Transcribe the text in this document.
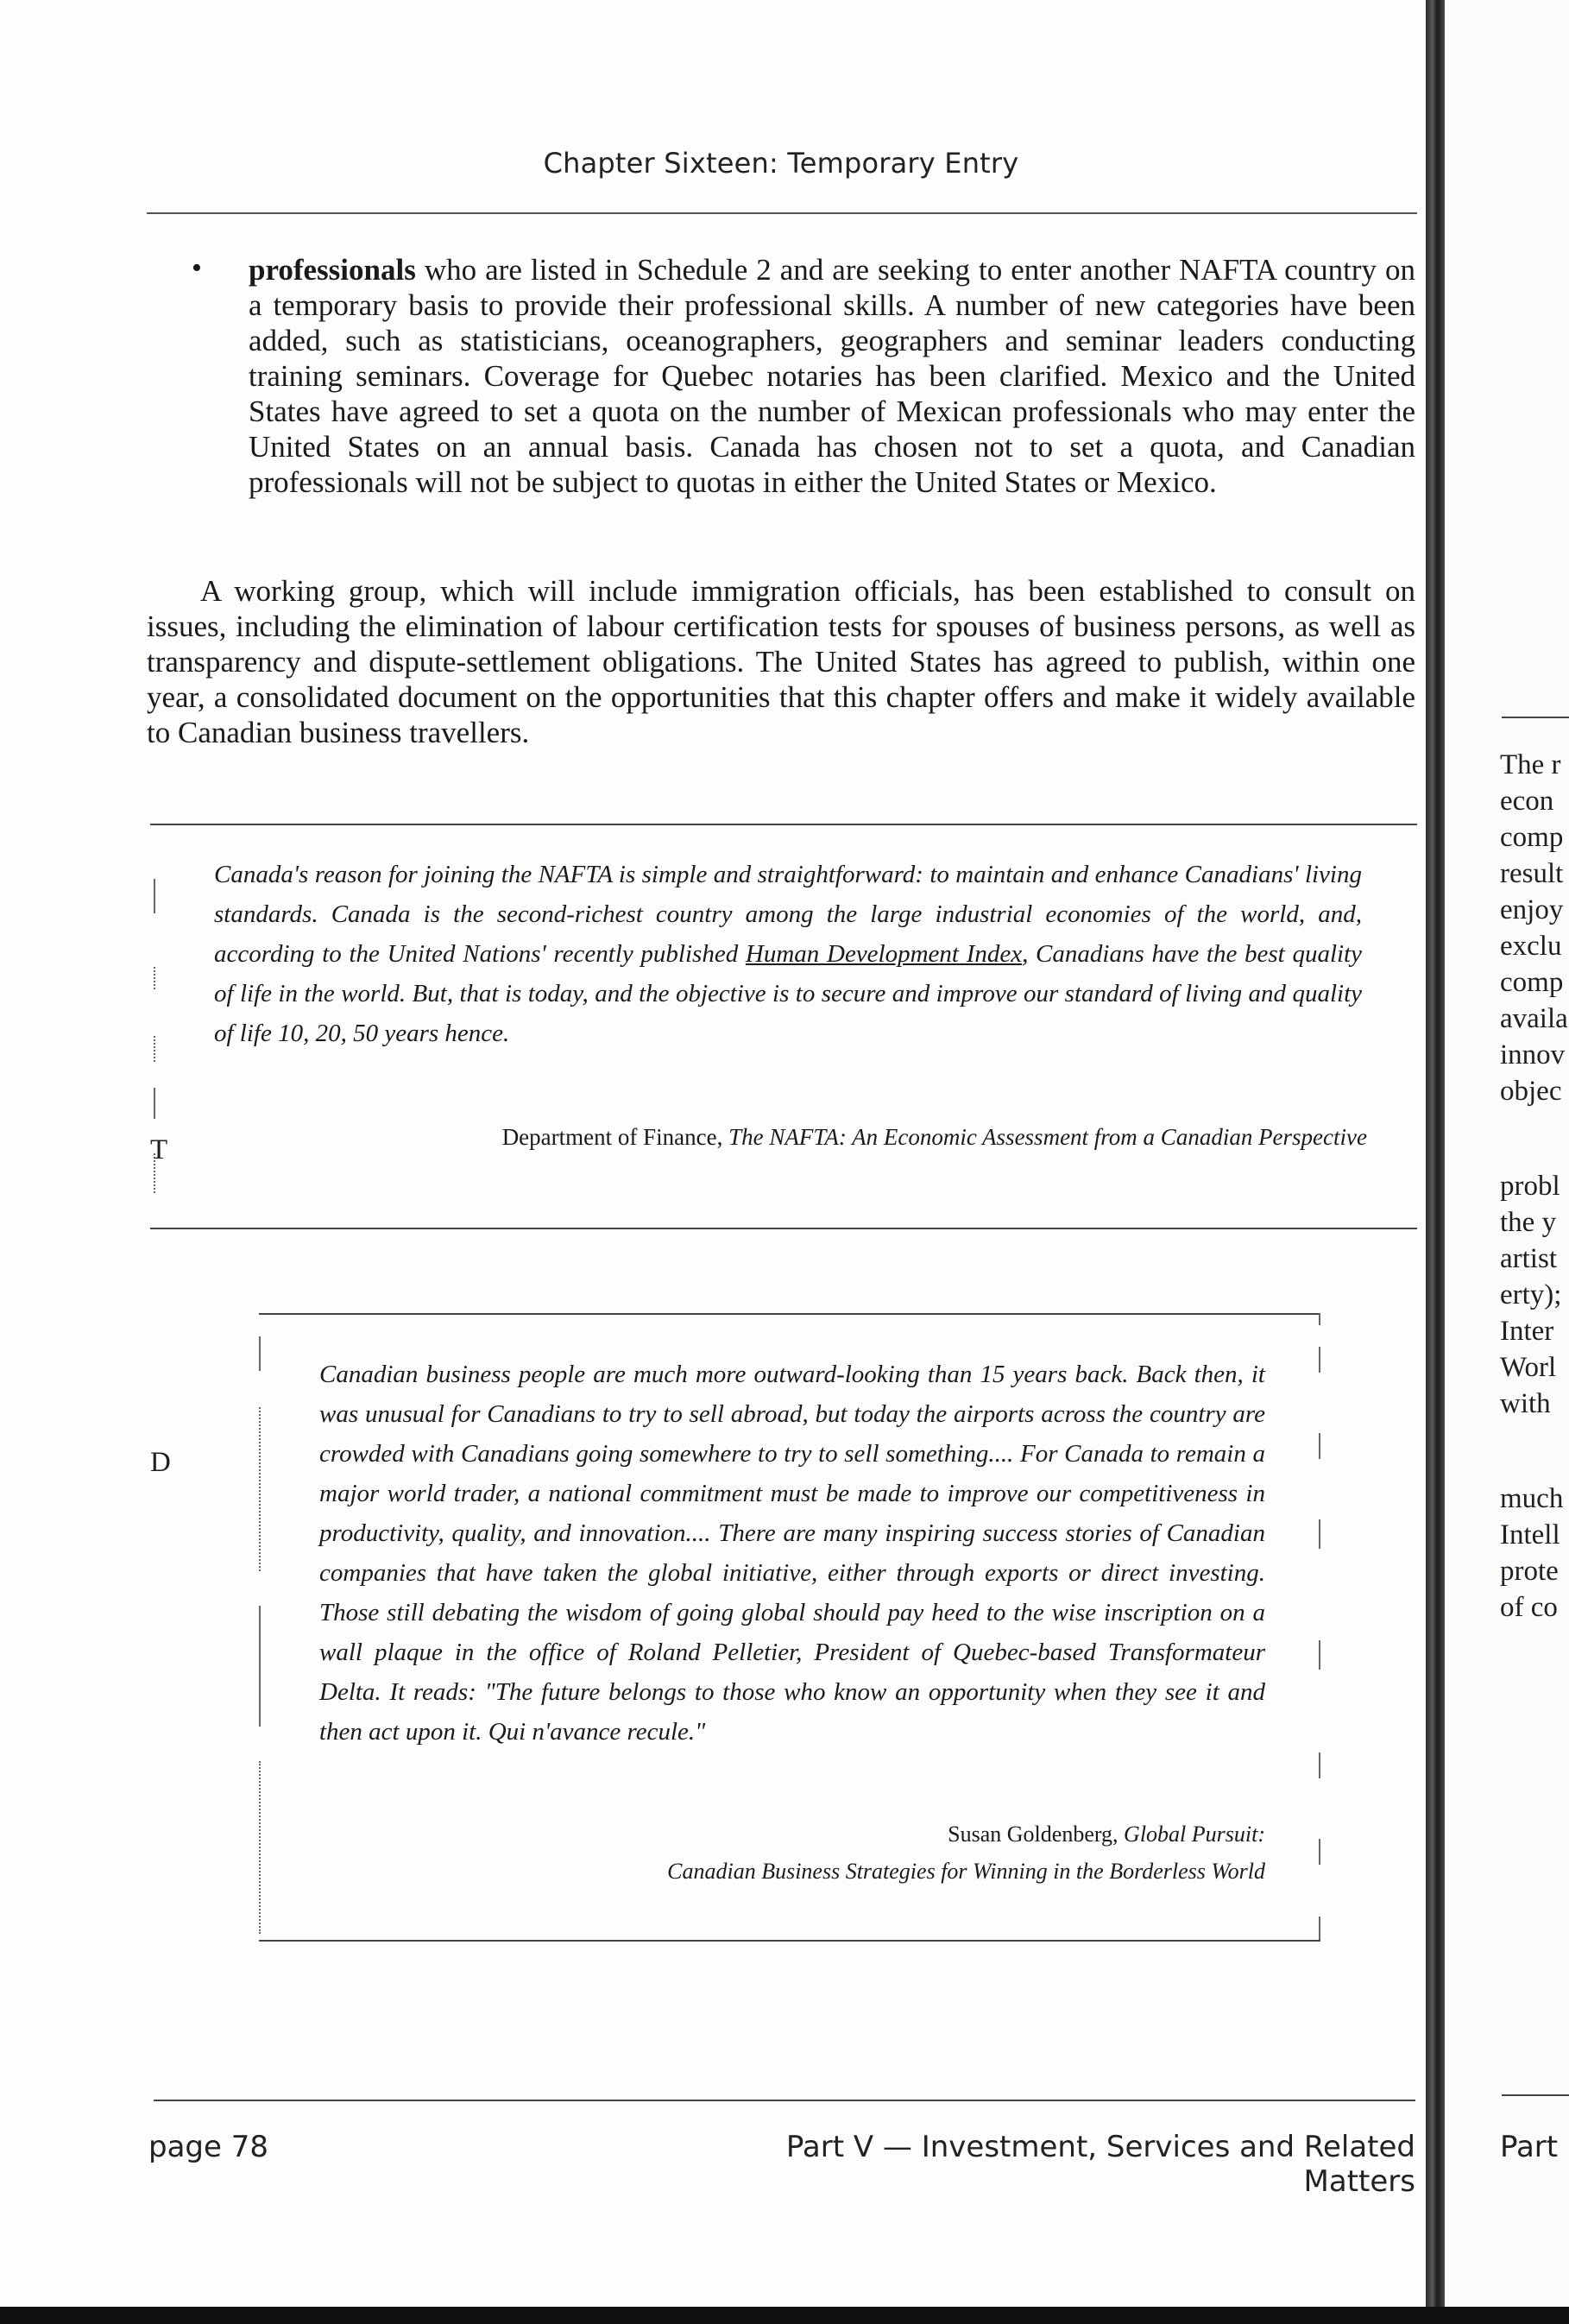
Chapter Sixteen: Temporary Entry
• professionals who are listed in Schedule 2 and are seeking to enter another NAFTA country on a temporary basis to provide their professional skills. A number of new categories have been added, such as statisticians, oceanographers, geographers and seminar leaders conducting training seminars. Coverage for Quebec notaries has been clarified. Mexico and the United States have agreed to set a quota on the number of Mexican professionals who may enter the United States on an annual basis. Canada has chosen not to set a quota, and Canadian professionals will not be subject to quotas in either the United States or Mexico.
A working group, which will include immigration officials, has been established to consult on issues, including the elimination of labour certification tests for spouses of business persons, as well as transparency and dispute-settlement obligations. The United States has agreed to publish, within one year, a consolidated document on the opportunities that this chapter offers and make it widely available to Canadian business travellers.
Canada's reason for joining the NAFTA is simple and straightforward: to maintain and enhance Canadians' living standards. Canada is the second-richest country among the large industrial economies of the world, and, according to the United Nations' recently published Human Development Index, Canadians have the best quality of life in the world. But, that is today, and the objective is to secure and improve our standard of living and quality of life 10, 20, 50 years hence.
Department of Finance, The NAFTA: An Economic Assessment from a Canadian Perspective
Canadian business people are much more outward-looking than 15 years back. Back then, it was unusual for Canadians to try to sell abroad, but today the airports across the country are crowded with Canadians going somewhere to try to sell something.... For Canada to remain a major world trader, a national commitment must be made to improve our competitiveness in productivity, quality, and innovation.... There are many inspiring success stories of Canadian companies that have taken the global initiative, either through exports or direct investing. Those still debating the wisdom of going global should pay heed to the wise inscription on a wall plaque in the office of Roland Pelletier, President of Quebec-based Transformateur Delta. It reads: "The future belongs to those who know an opportunity when they see it and then act upon it. Qui n'avance recule."
Susan Goldenberg, Global Pursuit:
Canadian Business Strategies for Winning in the Borderless World
page 78	Part V — Investment, Services and Related Matters
The r
econ
comp
result
enjoy
exclu
comp
availa
innov
objec
T
probl
the y
artist
erty);
Inter
Worl
with
D
much
Intell
prote
of co
Part
